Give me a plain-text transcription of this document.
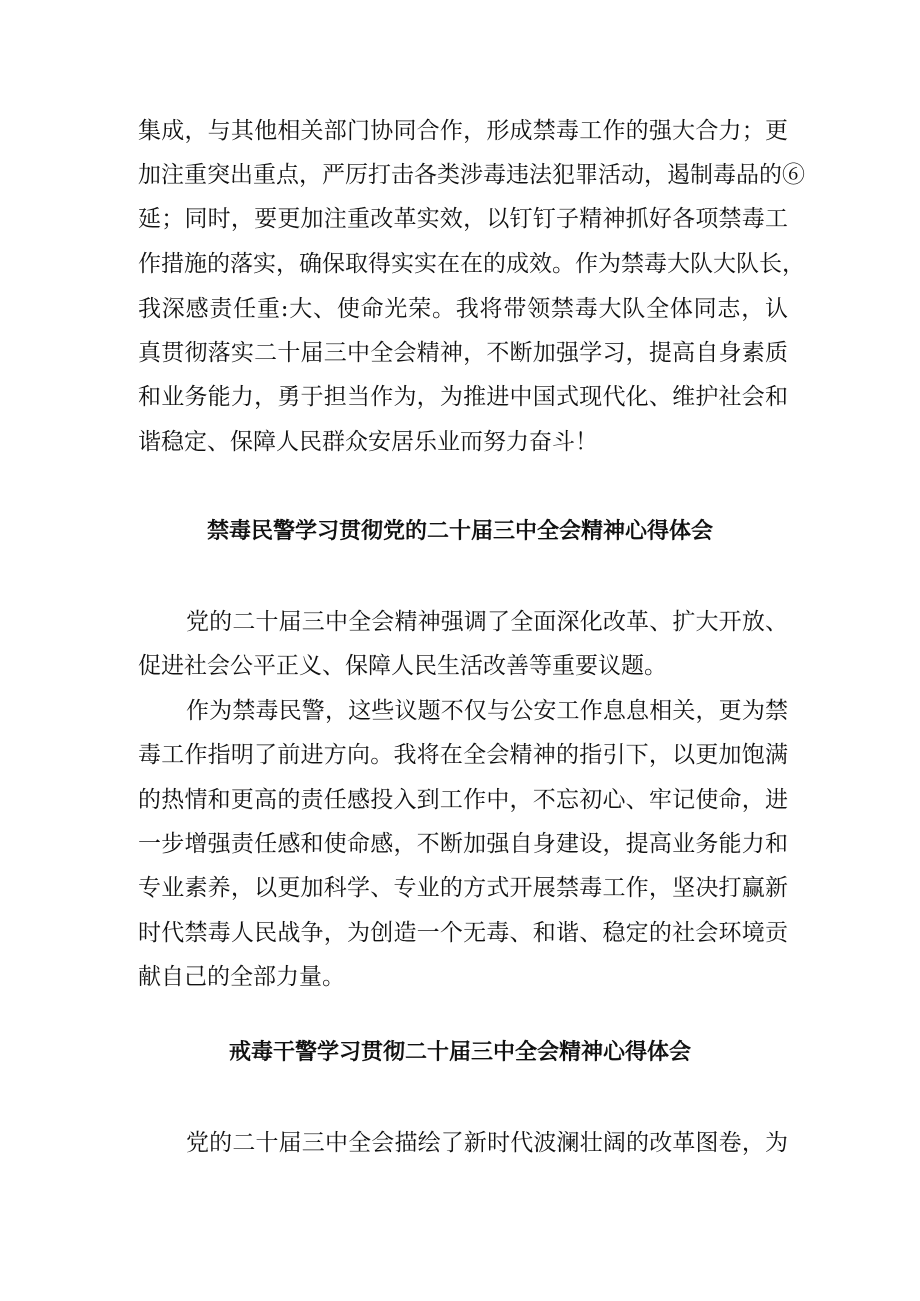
集成，与其他相关部门协同合作，形成禁毒工作的强大合力；更

加注重突出重点，严厉打击各类涉毒违法犯罪活动，遏制毒品的⑥

延；同时，要更加注重改革实效，以钉钉子精神抓好各项禁毒工

作措施的落实，确保取得实实在在的成效。作为禁毒大队大队长，

我深感责任重:大、使命光荣。我将带领禁毒大队全体同志，认

真贯彻落实二十届三中全会精神，不断加强学习，提高自身素质

和业务能力，勇于担当作为，为推进中国式现代化、维护社会和

谐稳定、保障人民群众安居乐业而努力奋斗！

禁毒民警学习贯彻党的二十届三中全会精神心得体会

党的二十届三中全会精神强调了全面深化改革、扩大开放、

促进社会公平正义、保障人民生活改善等重要议题。

作为禁毒民警，这些议题不仅与公安工作息息相关，更为禁

毒工作指明了前进方向。我将在全会精神的指引下，以更加饱满

的热情和更高的责任感投入到工作中，不忘初心、牢记使命，进

一步增强责任感和使命感，不断加强自身建设，提高业务能力和

专业素养，以更加科学、专业的方式开展禁毒工作，坚决打赢新

时代禁毒人民战争，为创造一个无毒、和谐、稳定的社会环境贡

献自己的全部力量。

戒毒干警学习贯彻二十届三中全会精神心得体会

党的二十届三中全会描绘了新时代波澜壮阔的改革图卷，为
